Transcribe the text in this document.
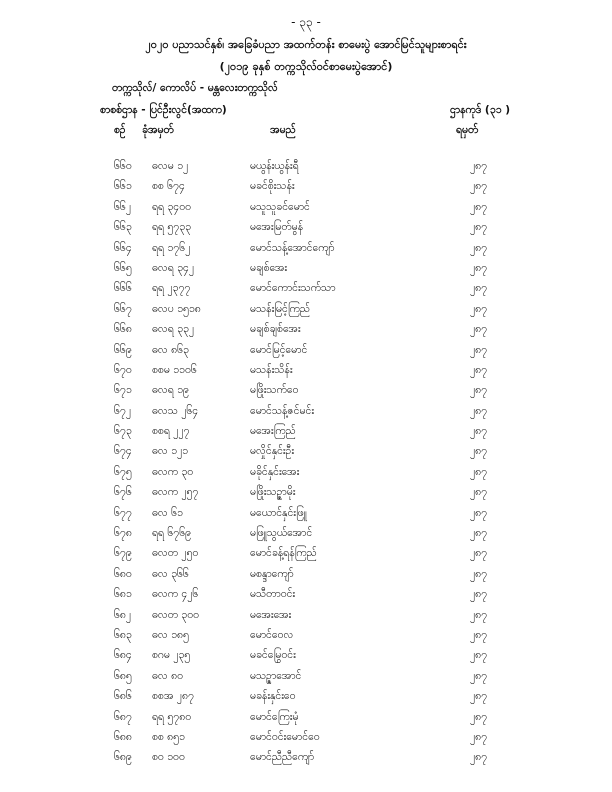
- ၃၃ -
၂၀၂၀ ပညာသင်နှစ်၊ အခြေခံပညာ အထက်တန်း စာမေးပွဲ အောင်မြင်သူများစာရင်း
(၂၀၁၉ ခုနှစ် တက္ကသိုလ်ဝင်စာမေးပွဲအောင်)
တက္ကသိုလ်/ ကောလိပ် - မန္တလေးတက္ကသိုလ်
စာစစ်ဌာန - ပြင်ဦးလွင်(အထက)	ဌာနကုဒ် (၃၁ )
စဉ် ခုံအမှတ်	အမည်	ရမှတ်
၆၆၀ ဓလမ ၁၂	မယွန်းယွန်းရီ	၂၈၇
၆၆၁ စစ ၆၇၄	မခင်စိုးသန်း	၂၈၇
၆၆၂ ရရ ၃၄၀၀	မသူသူခင်မောင်	၂၈၇
၆၆၃ ရရ ၅၇၃၃	မအေးမြတ်မွန်	၂၈၇
၆၆၄ ရရ ၁၇၆၂	မောင်သန့်အောင်ကျော်	၂၈၇
၆၆၅ ဓလရ ၃၄၂	မချစ်အေး	၂၈၇
၆၆၆ ရရ ၂၃၇၇	မောင်ကောင်းသက်သာ	၂၈၇
၆၆၇ ဓလပ ၁၅၁၈	မသန်းမြင့်ကြည်	၂၈၇
၆၆၈ ဓလရ ၃၃၂	မချစ်ချစ်အေး	၂၈၇
၆၆၉ ဓလ ၈၆၃	မောင်မြင့်မောင်	၂၈၇
၆၇၀ စစမ ၁၁၀၆	မသန်းသိန်း	၂၈၇
၆၇၁ ဓလရ ၁၉	မဖြိုးသက်ဝေ	၂၈၇
၆၇၂ ဓလသ ၂၆၄	မောင်သန့်ဇင်မင်း	၂၈၇
၆၇၃ စစရ ၂၂၇	မအေးကြည်	၂၈၇
၆၇၄ ဓလ ၁၂၁	မလှိုင်နှင်းဦး	၂၈၇
၆၇၅ ဓလက ၃၀	မခိုင်နှင်းအေး	၂၈၇
၆၇၆ ဓလက ၂၅၇	မဖြိုးသဉ္ဇာမိုး	၂၈၇
၆၇၇ ဓလ ၆၁	မယောင်နှင်းဖြူ	၂၈၇
၆၇၈ ရရ ၆၇၆၉	မဖြူသွယ်အောင်	၂၈၇
၆၇၉ ဓလတ ၂၅၀	မောင်ခန့်ရန်ကြည်	၂၈၇
၆၈၀ ဓလ ၃၆၆	မစန္ဒာကျော်	၂၈၇
၆၈၁ ဓလက ၄၂၆	မသီတာဝင်း	၂၈၇
၆၈၂ ဓလတ ၃၀၀	မအေးအေး	၂၈၇
၆၈၃ ဓလ ၁၈၅	မောင်ဝေလ	၂၈၇
၆၈၄ စဂမ ၂၃၅	မခင်မြွေဝင်း	၂၈၇
၆၈၅ ဓလ ၈၀	မသဉ္ဇာအောင်	၂၈၇
၆၈၆ စစအ ၂၈၇	မခန်းနှင်းဝေ	၂၈၇
၆၈၇ ရရ ၅၇၈၀	မောင်ကြေးမုံ	၂၈၇
၆၈၈ စစ ၈၅၁	မောင်ဝင်းမောင်ဝေ	၂၈၇
၆၈၉ စဝ ၁၀၀	မောင်ညီညီကျော်	၂၈၇
